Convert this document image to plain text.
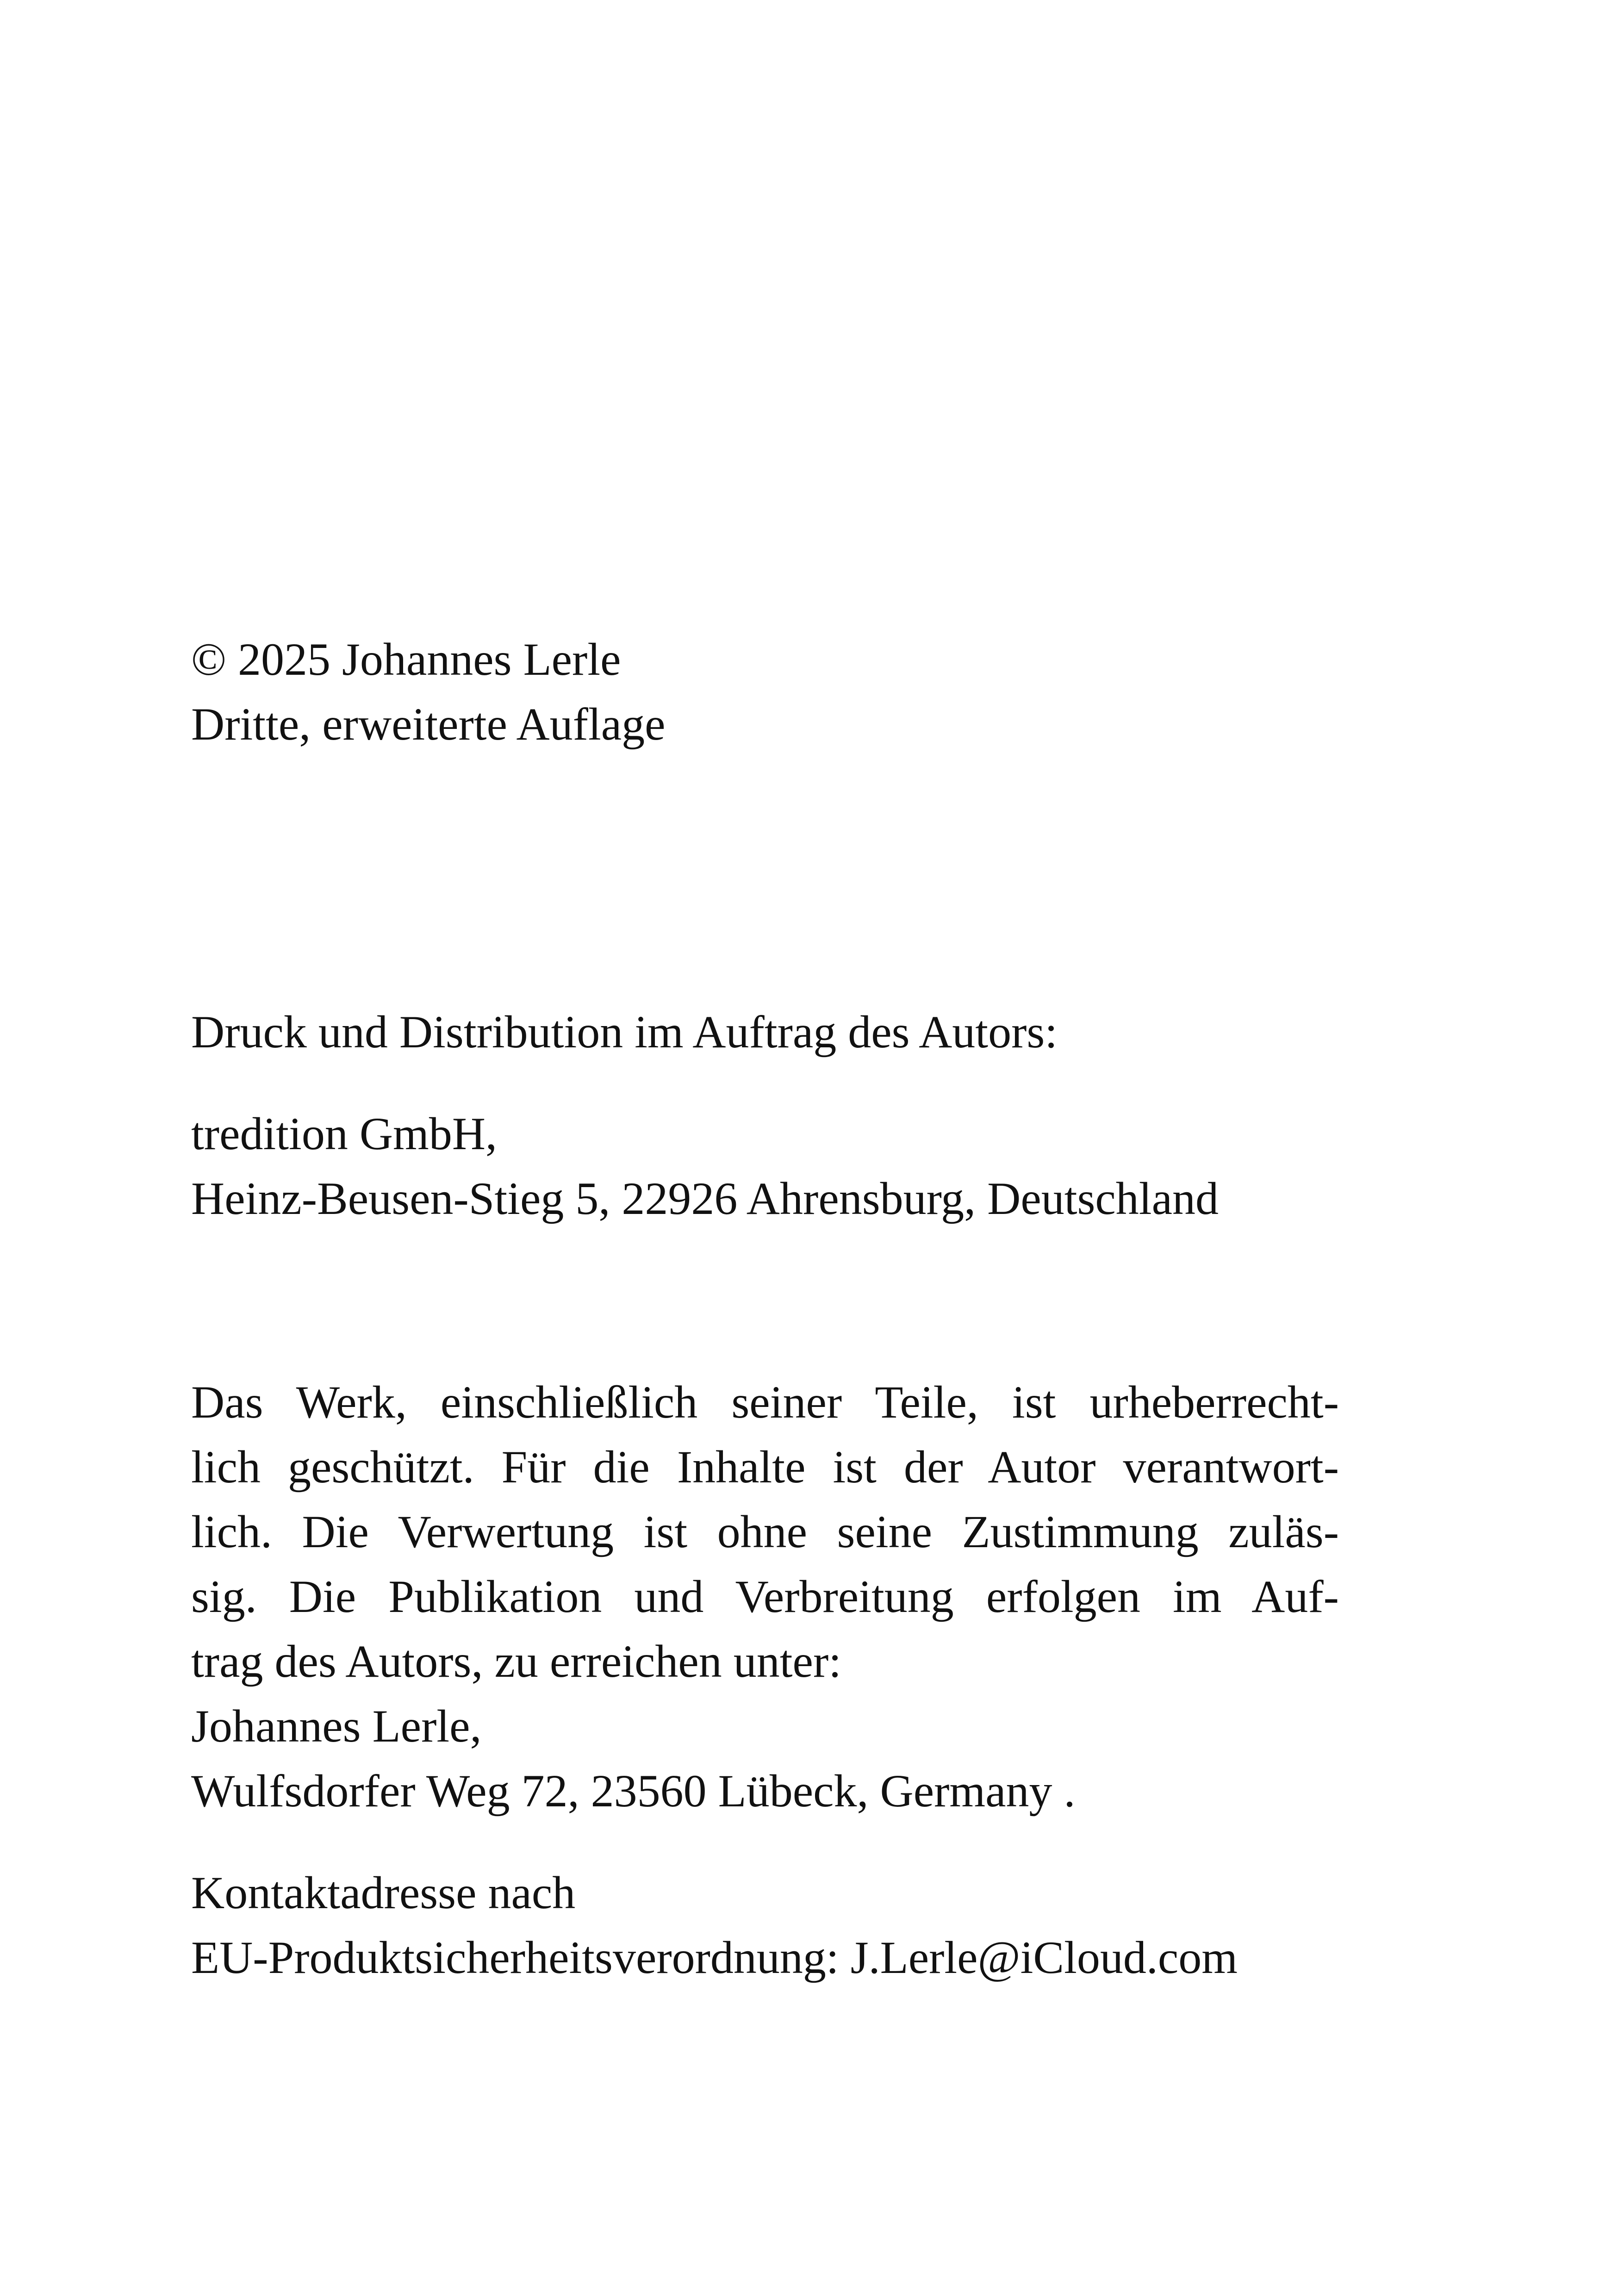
© 2025 Johannes Lerle
Dritte, erweiterte Auflage
Druck und Distribution im Auftrag des Autors:
tredition GmbH,
Heinz-Beusen-Stieg 5, 22926 Ahrensburg, Deutschland
Das Werk, einschließlich seiner Teile, ist urheberrecht-
lich geschützt. Für die Inhalte ist der Autor verantwort-
lich. Die Verwertung ist ohne seine Zustimmung zuläs-
sig. Die Publikation und Verbreitung erfolgen im Auf-
trag des Autors, zu erreichen unter:
Johannes Lerle,
Wulfsdorfer Weg 72, 23560 Lübeck, Germany .
Kontaktadresse nach
EU-Produktsicherheitsverordnung: J.Lerle@iCloud.com
